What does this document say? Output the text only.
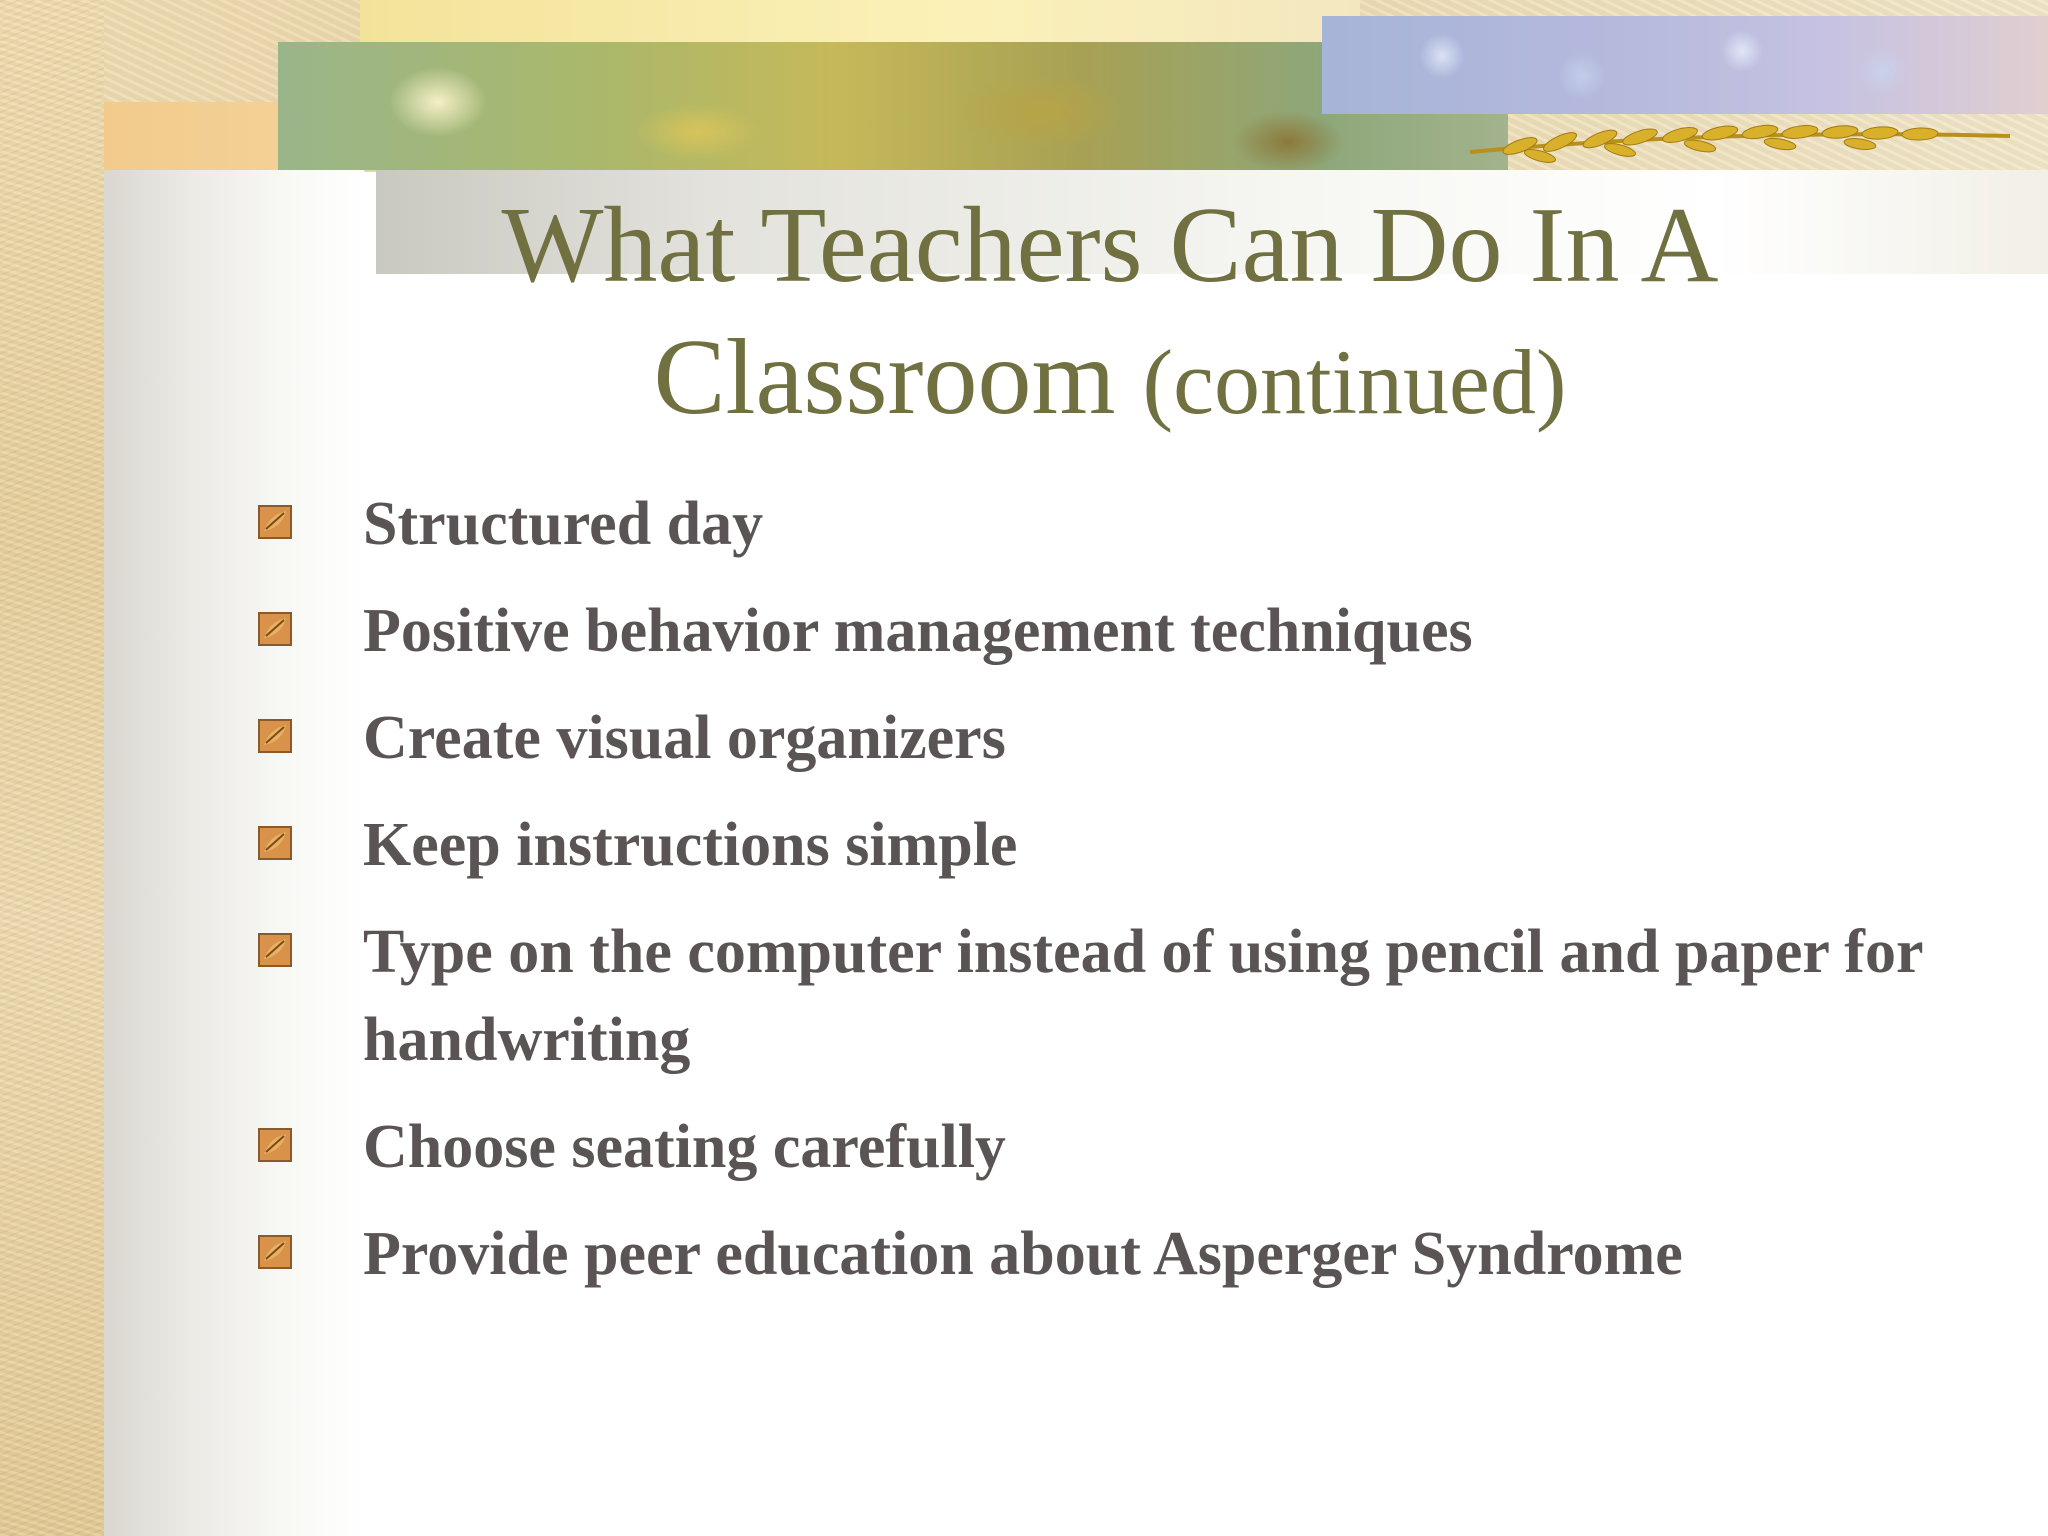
What Teachers Can Do In A Classroom (continued)
Structured day
Positive behavior management techniques
Create visual organizers
Keep instructions simple
Type on the computer instead of using pencil and paper for handwriting
Choose seating carefully
Provide peer education about Asperger Syndrome
